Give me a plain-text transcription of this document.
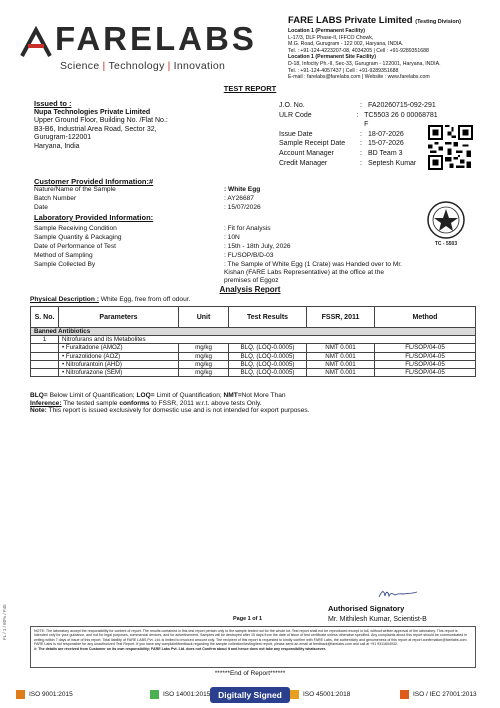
FARELABS
Science | Technology | Innovation
FARE LABS Private Limited (Testing Division)
Location 1 (Permanent Facility)
L-17/3, DLF Phase-II, IFFCO Chowk,
M.G. Road, Gurugram - 122 002, Haryana, INDIA.
Tel. : +91-124-4223207-08, 4034205 | Cell : +91-9289351688
Location 1 (Permanent Site Facility)
D-18, Infocity Ph.-II, Sec-33, Gurugram - 122001, Haryana, INDIA.
Tel. : +91-124-4057437 | Cell : +91-9289351688
E-mail : farelabs@farelabs.com | Website : www.farelabs.com
TEST REPORT
Issued to :
Nupa Technologies Private Limited
Upper Ground Floor, Building No. /Flat No.:
B3-B6, Industrial Area Road, Sector 32,
Gurugram-122001
Haryana, India
J.O. No.	: FA20260715-092-291
ULR Code	: TC5503 26 0 00068781 F
Issue Date	: 18-07-2026
Sample Receipt Date	: 15-07-2026
Account Manager	: BD Team 3
Credit Manager	: Septesh Kumar
Customer Provided Information:#
Nature/Name of the Sample	: White Egg
Batch Number	: AY26687
Date	: 15/07/2026
Laboratory Provided Information:
Sample Receiving Condition	: Fit for Analysis
Sample Quantity & Packaging	: 10N
Date of Performance of Test	: 15th - 18th July, 2026
Method of Sampling	: FL/SOP/B/D-03
Sample Collected By	: The Sample of White Egg (1 Crate) was Handed over to Mr. Kishan (FARE Labs Representative) at the office at the premises of Eggoz
TC - 5503
Analysis Report
Physical Description : White Egg, free from off odour.
S. No.	Parameters	Unit	Test Results	FSSR, 2011	Method
Banned Antibiotics					
1	Nitrofurans and its Metabolites				
	• Furaltadone (AMOZ)	mg/kg	BLQ, (LOQ-0.0005)	NMT 0.001	FL/SOP/04-05
	• Furazolidone (AOZ)	mg/kg	BLQ, (LOQ-0.0005)	NMT 0.001	FL/SOP/04-05
	• Nitrofurantoin (AHD)	mg/kg	BLQ, (LOQ-0.0005)	NMT 0.001	FL/SOP/04-05
	• Nitrofurazone (SEM)	mg/kg	BLQ, (LOQ-0.0005)	NMT 0.001	FL/SOP/04-05
BLQ= Below Limit of Quantification; LOQ= Limit of Quantification; NMT=Not More Than
Inference: The tested sample conforms to FSSR, 2011 w.r.t. above tests Only.
Note: This report is issued exclusively for domestic use and is not intended for export purposes.
Authorised Signatory
Mr. Mithilesh Kumar, Scientist-B
Page 1 of 1
NOTE: The laboratory accept the responsibility for content of report. The results contained in this test report pertain only to the sample tested not for the whole lot. Test report shall not be reproduced except in full, without written approval of the laboratory. This report is intended only for your guidance, and not for legal purposes, commercial devices, and for advertisement. Samples will be destroyed after 15 days from the date of issue of test certificate unless otherwise specified. Any complaints about this report should be communicated in writing within 7 days of issue of this report. Total liability of FARE LABS Pvt. Ltd. is limited to invoiced amount only. The recipient of this report is requested to kindly confirm with FARE Labs, the authenticity and genuineness of this report at report.confirmation@farelabs.com. FARE Labs is not responsible for any unauthorized Test Report. If you have any complaint/feedback regarding the sample collection/testing/test report, please send an email at feedback@farelabs.com and call at +91 9311604932.
#: The details are received from Customer on its own responsibility; FARE Labs Pvt. Ltd. does not Confirm about it and hence does not take any responsibility whatsoever.
******End of Report******
FL / 1 / 60% / F45
ISO 9001:2015	ISO 14001:2015	ISO 45001:2018	ISO / IEC 27001:2013
Digitally Signed
